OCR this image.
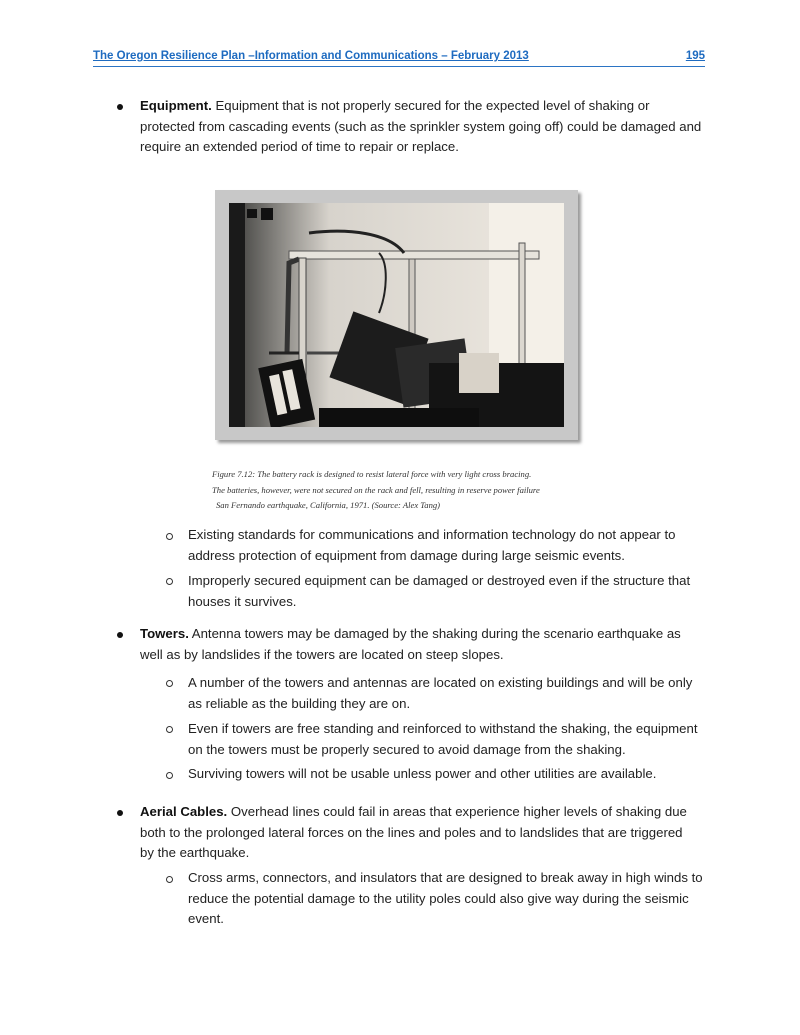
The Oregon Resilience Plan –Information and Communications – February 2013	195
Equipment. Equipment that is not properly secured for the expected level of shaking or
protected from cascading events (such as the sprinkler system going off) could be damaged and
require an extended period of time to repair or replace.
Figure 7.12: The battery rack is designed to resist lateral force with very light cross bracing.
The batteries, however, were not secured on the rack and fell, resulting in reserve power failure
San Fernando earthquake, California, 1971. (Source: Alex Tang)
Existing standards for communications and information technology do not appear to
address protection of equipment from damage during large seismic events.
Improperly secured equipment can be damaged or destroyed even if the structure that
houses it survives.
Towers. Antenna towers may be damaged by the shaking during the scenario earthquake as
well as by landslides if the towers are located on steep slopes.
A number of the towers and antennas are located on existing buildings and will be only
as reliable as the building they are on.
Even if towers are free standing and reinforced to withstand the shaking, the equipment
on the towers must be properly secured to avoid damage from the shaking.
Surviving towers will not be usable unless power and other utilities are available.
Aerial Cables. Overhead lines could fail in areas that experience higher levels of shaking due
both to the prolonged lateral forces on the lines and poles and to landslides that are triggered
by the earthquake.
Cross arms, connectors, and insulators that are designed to break away in high winds to
reduce the potential damage to the utility poles could also give way during the seismic
event.
